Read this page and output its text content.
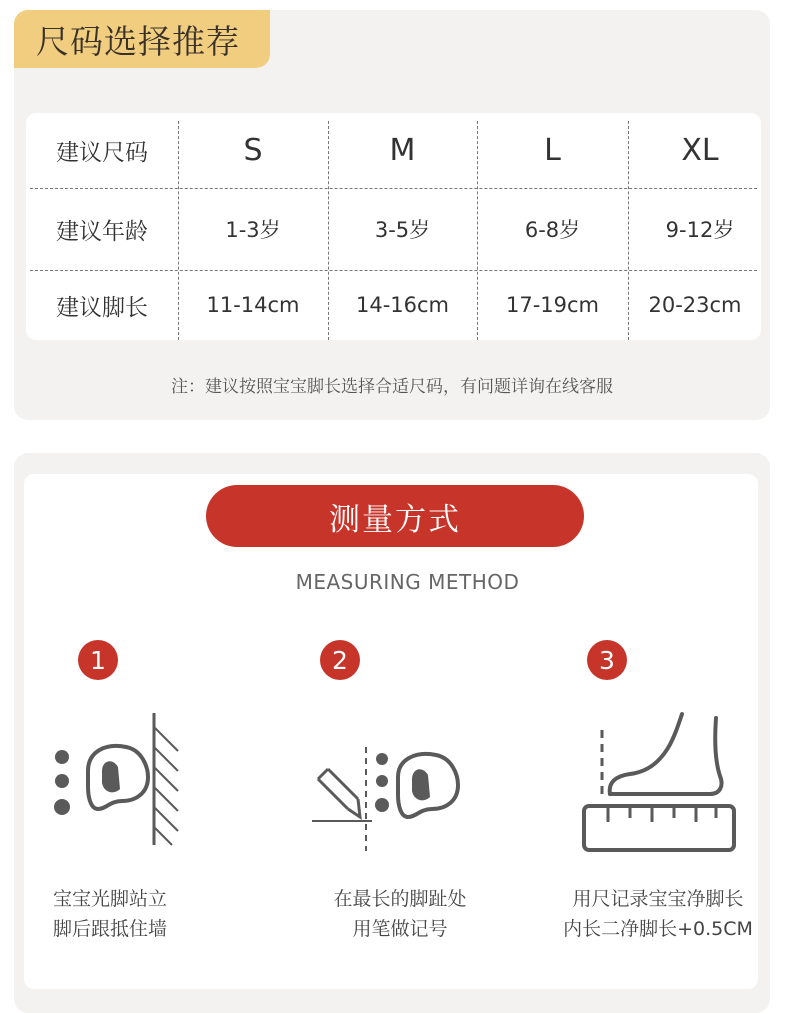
尺码选择推荐
建议尺码	S	M	L	XL
建议年龄	1-3岁	3-5岁	6-8岁	9-12岁
建议脚长	11-14cm	14-16cm	17-19cm	20-23cm
注：建议按照宝宝脚长选择合适尺码，有问题详询在线客服
测量方式
MEASURING METHOD
1	2	3
宝宝光脚站立
脚后跟抵住墙
在最长的脚趾处
用笔做记号
用尺记录宝宝净脚长
内长二净脚长+0.5CM
